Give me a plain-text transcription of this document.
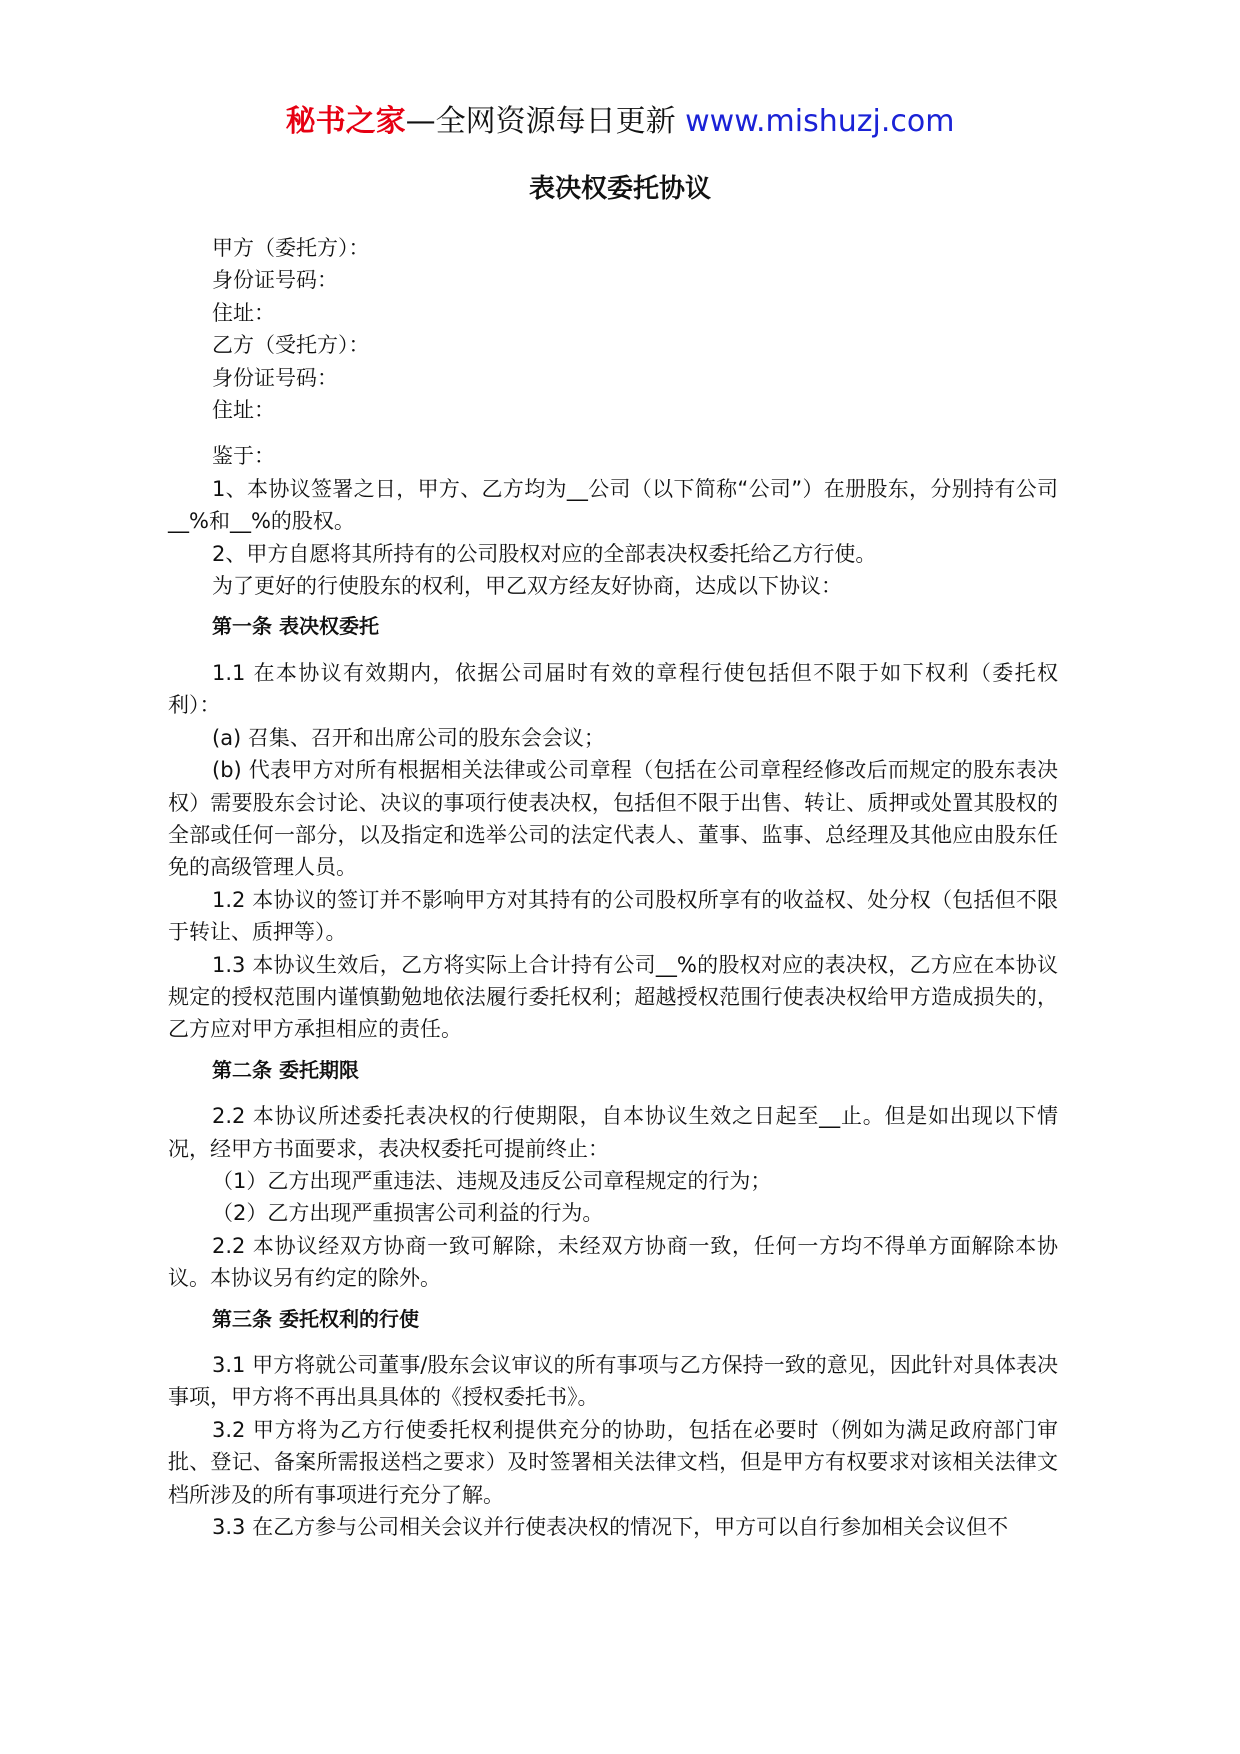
秘书之家—全网资源每日更新 www.mishuzj.com
表决权委托协议

甲方（委托方）：

身份证号码：

住址：

乙方（受托方）：

身份证号码：

住址：

鉴于：

1、本协议签署之日，甲方、乙方均为__公司（以下简称“公司”）在册股东，分别持有公司__%和__%的股权。

2、甲方自愿将其所持有的公司股权对应的全部表决权委托给乙方行使。

为了更好的行使股东的权利，甲乙双方经友好协商，达成以下协议：

第一条 表决权委托

1.1 在本协议有效期内，依据公司届时有效的章程行使包括但不限于如下权利（委托权利）：

(a) 召集、召开和出席公司的股东会会议；

(b) 代表甲方对所有根据相关法律或公司章程（包括在公司章程经修改后而规定的股东表决权）需要股东会讨论、决议的事项行使表决权，包括但不限于出售、转让、质押或处置其股权的全部或任何一部分，以及指定和选举公司的法定代表人、董事、监事、总经理及其他应由股东任免的高级管理人员。

1.2 本协议的签订并不影响甲方对其持有的公司股权所享有的收益权、处分权（包括但不限于转让、质押等）。

1.3 本协议生效后，乙方将实际上合计持有公司__%的股权对应的表决权，乙方应在本协议规定的授权范围内谨慎勤勉地依法履行委托权利；超越授权范围行使表决权给甲方造成损失的，乙方应对甲方承担相应的责任。

第二条 委托期限

2.2 本协议所述委托表决权的行使期限，自本协议生效之日起至__止。但是如出现以下情况，经甲方书面要求，表决权委托可提前终止：

（1）乙方出现严重违法、违规及违反公司章程规定的行为；

（2）乙方出现严重损害公司利益的行为。

2.2 本协议经双方协商一致可解除，未经双方协商一致，任何一方均不得单方面解除本协议。本协议另有约定的除外。

第三条 委托权利的行使

3.1 甲方将就公司董事/股东会议审议的所有事项与乙方保持一致的意见，因此针对具体表决事项，甲方将不再出具具体的《授权委托书》。

3.2 甲方将为乙方行使委托权利提供充分的协助，包括在必要时（例如为满足政府部门审批、登记、备案所需报送档之要求）及时签署相关法律文档，但是甲方有权要求对该相关法律文档所涉及的所有事项进行充分了解。

3.3 在乙方参与公司相关会议并行使表决权的情况下，甲方可以自行参加相关会议但不
